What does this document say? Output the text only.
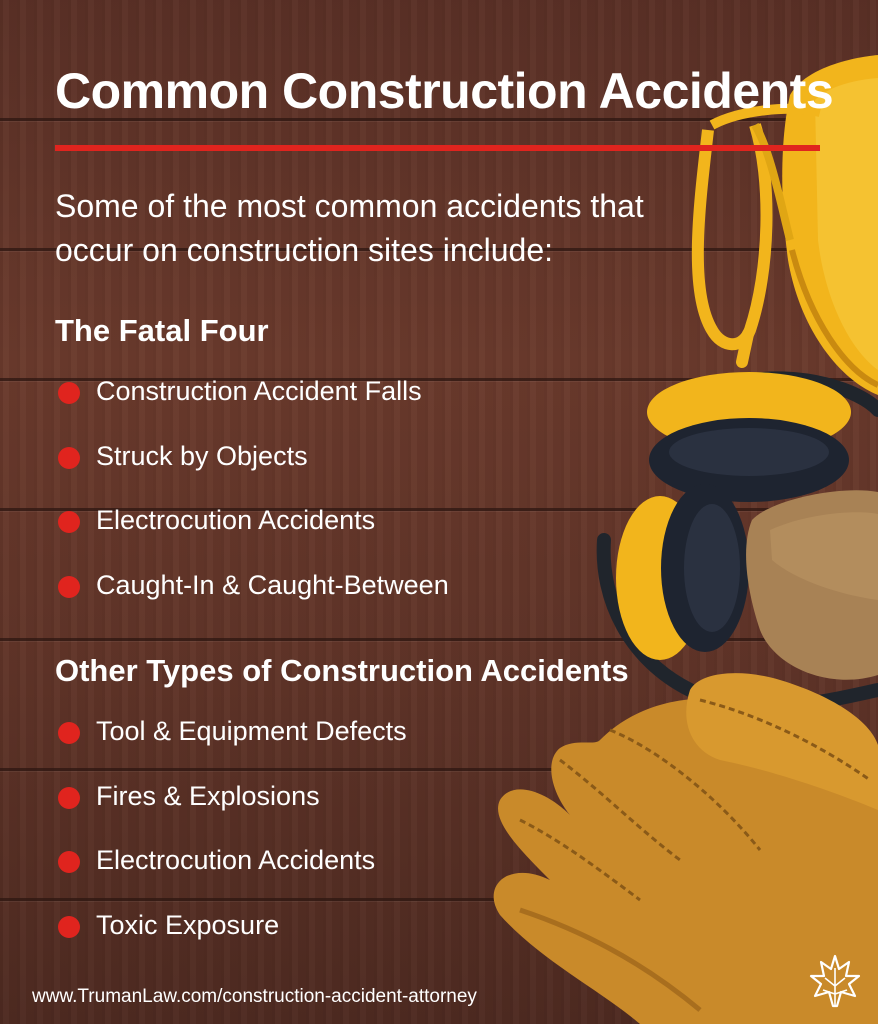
Common Construction Accidents

Some of the most common accidents that occur on construction sites include:

The Fatal Four
Construction Accident Falls
Struck by Objects
Electrocution Accidents
Caught-In & Caught-Between
Other Types of Construction Accidents
Tool & Equipment Defects
Fires & Explosions
Electrocution Accidents
Toxic Exposure
www.TrumanLaw.com/construction-accident-attorney
